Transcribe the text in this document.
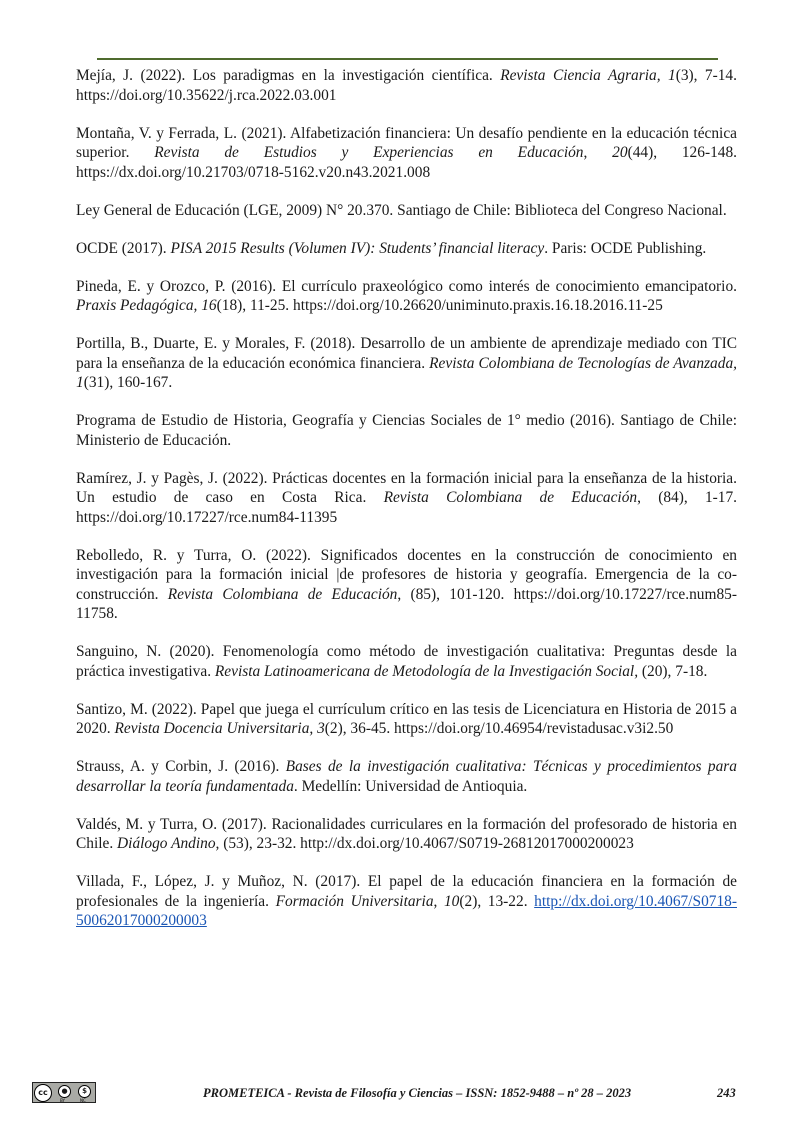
Mejía, J. (2022). Los paradigmas en la investigación científica. Revista Ciencia Agraria, 1(3), 7-14. https://doi.org/10.35622/j.rca.2022.03.001

Montaña, V. y Ferrada, L. (2021). Alfabetización financiera: Un desafío pendiente en la educación técnica superior. Revista de Estudios y Experiencias en Educación, 20(44), 126-148. https://dx.doi.org/10.21703/0718-5162.v20.n43.2021.008

Ley General de Educación (LGE, 2009) N° 20.370. Santiago de Chile: Biblioteca del Congreso Nacional.

OCDE (2017). PISA 2015 Results (Volumen IV): Students’ financial literacy. Paris: OCDE Publishing.

Pineda, E. y Orozco, P. (2016). El currículo praxeológico como interés de conocimiento emancipatorio. Praxis Pedagógica, 16(18), 11-25. https://doi.org/10.26620/uniminuto.praxis.16.18.2016.11-25

Portilla, B., Duarte, E. y Morales, F. (2018). Desarrollo de un ambiente de aprendizaje mediado con TIC para la enseñanza de la educación económica financiera. Revista Colombiana de Tecnologías de Avanzada, 1(31), 160-167.

Programa de Estudio de Historia, Geografía y Ciencias Sociales de 1° medio (2016). Santiago de Chile: Ministerio de Educación.

Ramírez, J. y Pagès, J. (2022). Prácticas docentes en la formación inicial para la enseñanza de la historia. Un estudio de caso en Costa Rica. Revista Colombiana de Educación, (84), 1-17. https://doi.org/10.17227/rce.num84-11395

Rebolledo, R. y Turra, O. (2022). Significados docentes en la construcción de conocimiento en investigación para la formación inicial |de profesores de historia y geografía. Emergencia de la co-construcción. Revista Colombiana de Educación, (85), 101-120. https://doi.org/10.17227/rce.num85-11758.

Sanguino, N. (2020). Fenomenología como método de investigación cualitativa: Preguntas desde la práctica investigativa. Revista Latinoamericana de Metodología de la Investigación Social, (20), 7-18.

Santizo, M. (2022). Papel que juega el currículum crítico en las tesis de Licenciatura en Historia de 2015 a 2020. Revista Docencia Universitaria, 3(2), 36-45. https://doi.org/10.46954/revistadusac.v3i2.50

Strauss, A. y Corbin, J. (2016). Bases de la investigación cualitativa: Técnicas y procedimientos para desarrollar la teoría fundamentada. Medellín: Universidad de Antioquia.

Valdés, M. y Turra, O. (2017). Racionalidades curriculares en la formación del profesorado de historia en Chile. Diálogo Andino, (53), 23-32. http://dx.doi.org/10.4067/S0719-26812017000200023

Villada, F., López, J. y Muñoz, N. (2017). El papel de la educación financiera en la formación de profesionales de la ingeniería. Formación Universitaria, 10(2), 13-22. http://dx.doi.org/10.4067/S0718-50062017000200003

cc	●	$
BY	NC
PROMETEICA - Revista de Filosofía y Ciencias – ISSN: 1852-9488 – nº 28 – 2023	243
